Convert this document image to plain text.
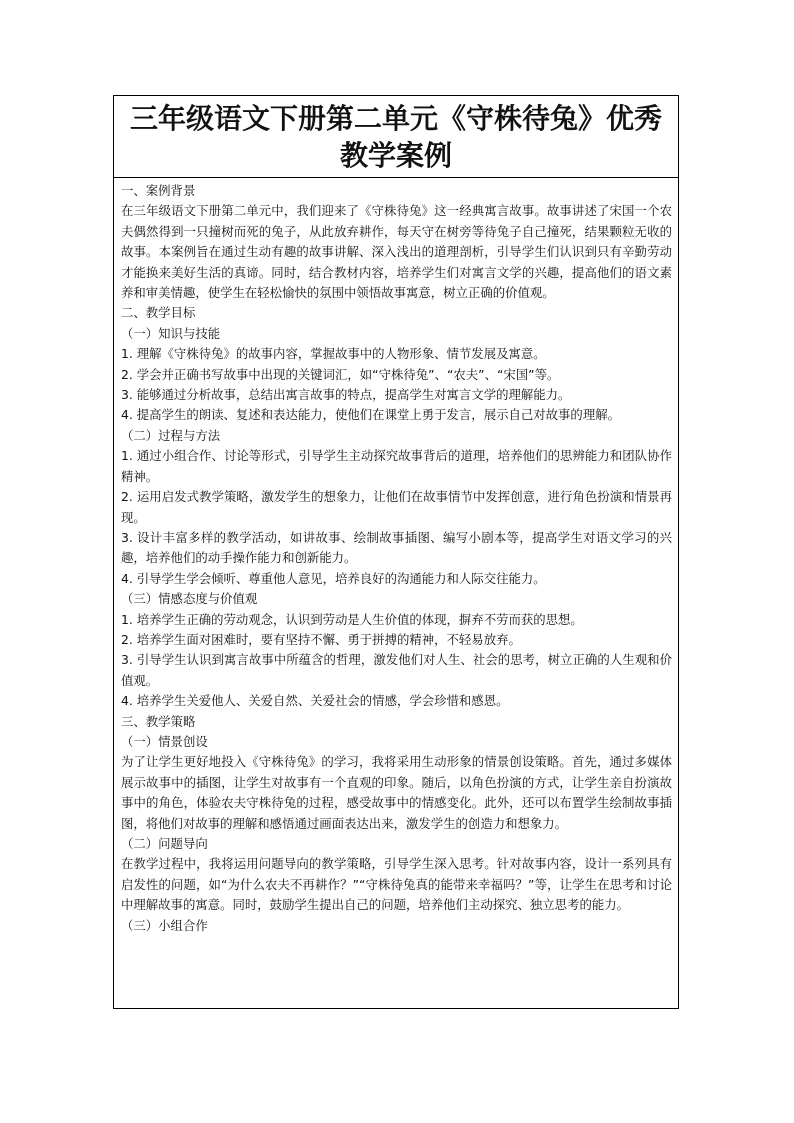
三年级语文下册第二单元《守株待兔》优秀
教学案例

一、案例背景

在三年级语文下册第二单元中，我们迎来了《守株待兔》这一经典寓言故事。故事讲述了宋国一个农夫偶然得到一只撞树而死的兔子，从此放弃耕作，每天守在树旁等待兔子自己撞死，结果颗粒无收的故事。本案例旨在通过生动有趣的故事讲解、深入浅出的道理剖析，引导学生们认识到只有辛勤劳动才能换来美好生活的真谛。同时，结合教材内容，培养学生们对寓言文学的兴趣，提高他们的语文素养和审美情趣，使学生在轻松愉快的氛围中领悟故事寓意，树立正确的价值观。

二、教学目标

（一）知识与技能

1. 理解《守株待兔》的故事内容，掌握故事中的人物形象、情节发展及寓意。

2. 学会并正确书写故事中出现的关键词汇，如“守株待兔”、“农夫”、“宋国”等。

3. 能够通过分析故事，总结出寓言故事的特点，提高学生对寓言文学的理解能力。

4. 提高学生的朗读、复述和表达能力，使他们在课堂上勇于发言，展示自己对故事的理解。

（二）过程与方法

1. 通过小组合作、讨论等形式，引导学生主动探究故事背后的道理，培养他们的思辨能力和团队协作精神。

2. 运用启发式教学策略，激发学生的想象力，让他们在故事情节中发挥创意，进行角色扮演和情景再现。

3. 设计丰富多样的教学活动，如讲故事、绘制故事插图、编写小剧本等，提高学生对语文学习的兴趣，培养他们的动手操作能力和创新能力。

4. 引导学生学会倾听、尊重他人意见，培养良好的沟通能力和人际交往能力。

（三）情感态度与价值观

1. 培养学生正确的劳动观念，认识到劳动是人生价值的体现，摒弃不劳而获的思想。

2. 培养学生面对困难时，要有坚持不懈、勇于拼搏的精神，不轻易放弃。

3. 引导学生认识到寓言故事中所蕴含的哲理，激发他们对人生、社会的思考，树立正确的人生观和价值观。

4. 培养学生关爱他人、关爱自然、关爱社会的情感，学会珍惜和感恩。

三、教学策略

（一）情景创设

为了让学生更好地投入《守株待兔》的学习，我将采用生动形象的情景创设策略。首先，通过多媒体展示故事中的插图，让学生对故事有一个直观的印象。随后，以角色扮演的方式，让学生亲自扮演故事中的角色，体验农夫守株待兔的过程，感受故事中的情感变化。此外，还可以布置学生绘制故事插图，将他们对故事的理解和感悟通过画面表达出来，激发学生的创造力和想象力。

（二）问题导向

在教学过程中，我将运用问题导向的教学策略，引导学生深入思考。针对故事内容，设计一系列具有启发性的问题，如“为什么农夫不再耕作？”“守株待兔真的能带来幸福吗？”等，让学生在思考和讨论中理解故事的寓意。同时，鼓励学生提出自己的问题，培养他们主动探究、独立思考的能力。

（三）小组合作
